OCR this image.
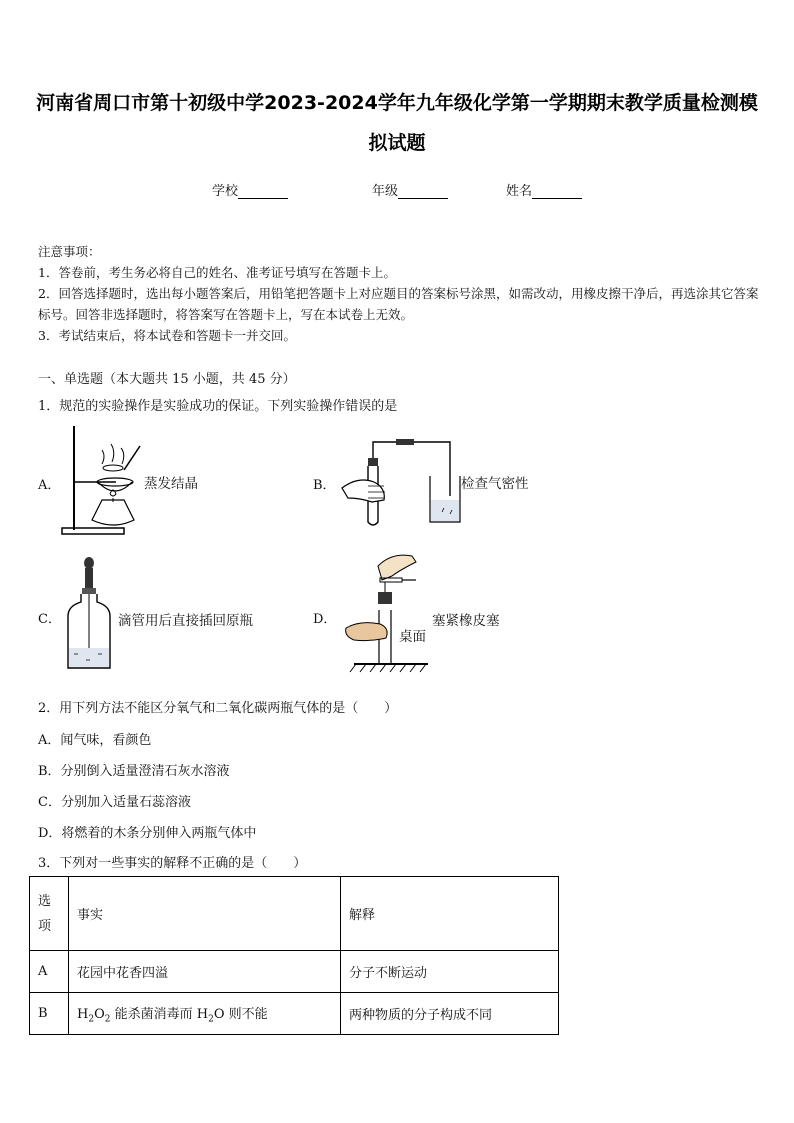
河南省周口市第十初级中学2023-2024学年九年级化学第一学期期末教学质量检测模
拟试题
学校	年级	姓名
注意事项：
1．答卷前，考生务必将自己的姓名、准考证号填写在答题卡上。
2．回答选择题时，选出每小题答案后，用铅笔把答题卡上对应题目的答案标号涂黑，如需改动，用橡皮擦干净后，再选涂其它答案标号。回答非选择题时，将答案写在答题卡上，写在本试卷上无效。
3．考试结束后，将本试卷和答题卡一并交回。
一、单选题（本大题共 15 小题，共 45 分）
1．规范的实验操作是实验成功的保证。下列实验操作错误的是
A．	蒸发结晶	B．	检查气密性
C．	滴管用后直接插回原瓶	D．	塞紧橡皮塞
桌面
2．用下列方法不能区分氧气和二氧化碳两瓶气体的是（　　）
A．闻气味，看颜色
B．分别倒入适量澄清石灰水溶液
C．分别加入适量石蕊溶液
D．将燃着的木条分别伸入两瓶气体中
3．下列对一些事实的解释不正确的是（　　）
选项	事实	解释
A	花园中花香四溢	分子不断运动
B	$H_2O_2$ 能杀菌消毒而 $H_2O$ 则不能	两种物质的分子构成不同
